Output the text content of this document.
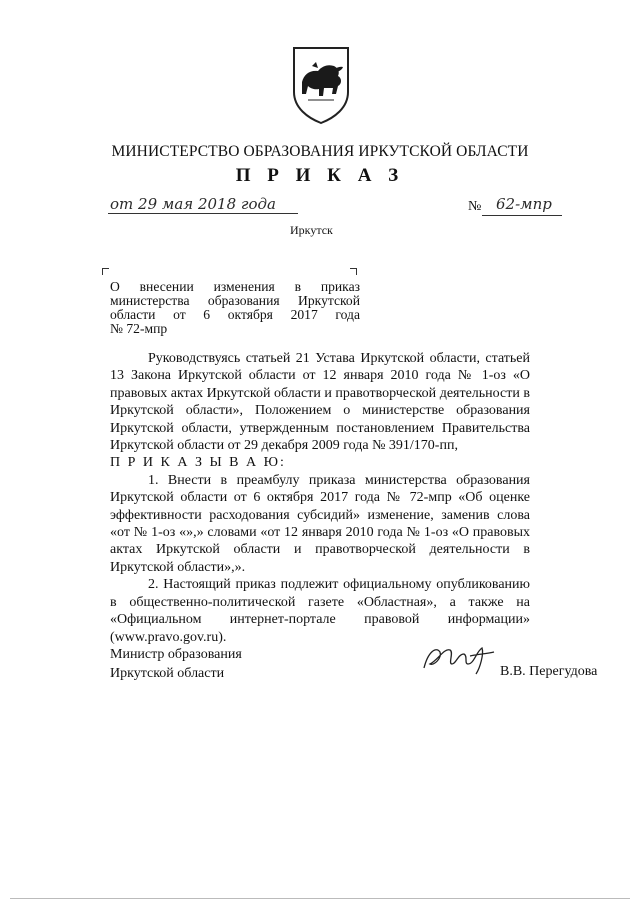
МИНИСТЕРСТВО ОБРАЗОВАНИЯ ИРКУТСКОЙ ОБЛАСТИ
П Р И К А З
от 29 мая 2018 года	№ 62-мпр
Иркутск

О внесении изменения в приказ

министерства образования Иркутской

области от 6 октября 2017 года

№ 72-мпр

Руководствуясь статьей 21 Устава Иркутской области, статьей 13 Закона Иркутской области от 12 января 2010 года № 1-оз «О правовых актах Иркутской области и правотворческой деятельности в Иркутской области», Положением о министерстве образования Иркутской области, утвержденным постановлением Правительства Иркутской области от 29 декабря 2009 года № 391/170-пп,

П Р И К А З Ы В А Ю:

1. Внести в преамбулу приказа министерства образования Иркутской области от 6 октября 2017 года № 72-мпр «Об оценке эффективности расходования субсидий» изменение, заменив слова «от № 1-оз «»,» словами «от 12 января 2010 года № 1-оз «О правовых актах Иркутской области и правотворческой деятельности в Иркутской области»,».

2. Настоящий приказ подлежит официальному опубликованию в общественно-политической газете «Областная», а также на «Официальном интернет-портале правовой информации» (www.pravo.gov.ru).

Министр образования
Иркутской области	В.В. Перегудова
